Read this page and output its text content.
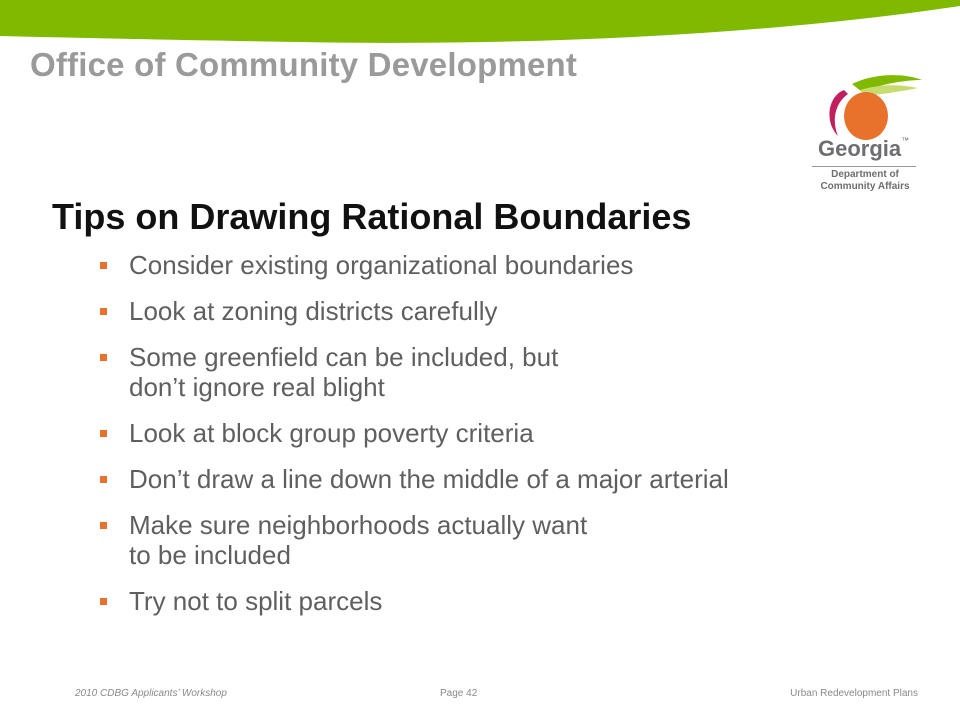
Office of Community Development
Georgia™
Department of
Community Affairs
Tips on Drawing Rational Boundaries
Consider existing organizational boundaries
Look at zoning districts carefully
Some greenfield can be included, but
don’t ignore real blight
Look at block group poverty criteria
Don’t draw a line down the middle of a major arterial
Make sure neighborhoods actually want
to be included
Try not to split parcels
2010 CDBG Applicants’ Workshop	Page 42	Urban Redevelopment Plans
